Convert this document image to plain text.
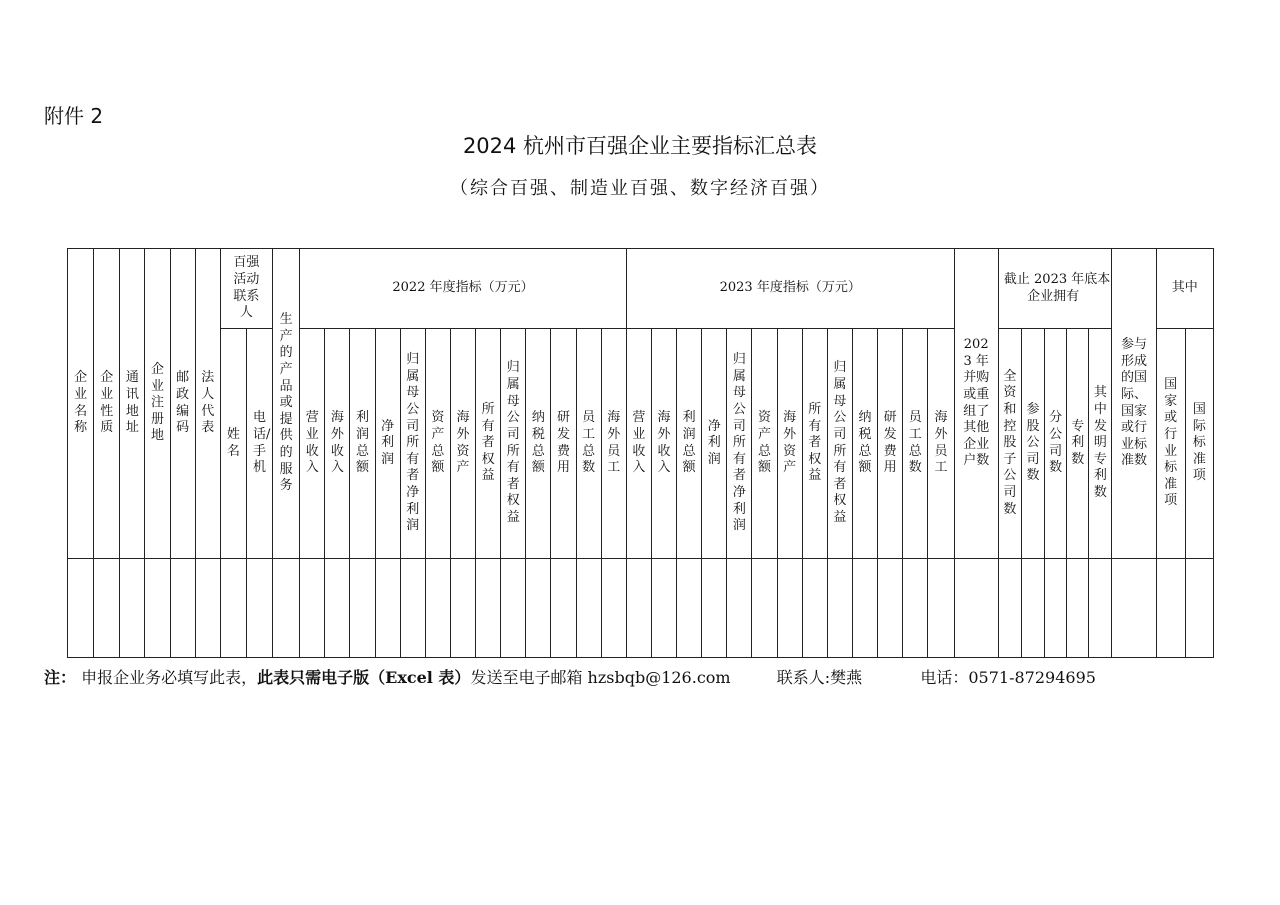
附件 2
2024 杭州市百强企业主要指标汇总表
（综合百强、制造业百强、数字经济百强）
企业名称	企业性质	通讯地址	企业注册地	邮政编码	法人代表	百强活动联系人		生产的产品或提供的服务	2022 年度指标（万元）													2023 年度指标（万元）													2023 年并购或重组了其他企业户数	截止 2023 年底本企业拥有					参与形成的国际、国家或行业标准数	其中	
						姓名	电话/手机		营业收入	海外收入	利润总额	净利润	归属母公司所有者净利润	资产总额	海外资产	所有者权益	归属母公司所有者权益	纳税总额	研发费用	员工总数	海外员工	营业收入	海外收入	利润总额	净利润	归属母公司所有者净利润	资产总额	海外资产	所有者权益	归属母公司所有者权益	纳税总额	研发费用	员工总数	海外员工		全资和控股子公司数	参股公司数	分公司数	专利数	其中发明专利数		国家或行业标准项	国际标准项

注： 申报企业务必填写此表，此表只需电子版（Excel 表）发送至电子邮箱 hzsbqb@126.com	联系人:樊燕	电话：0571-87294695
